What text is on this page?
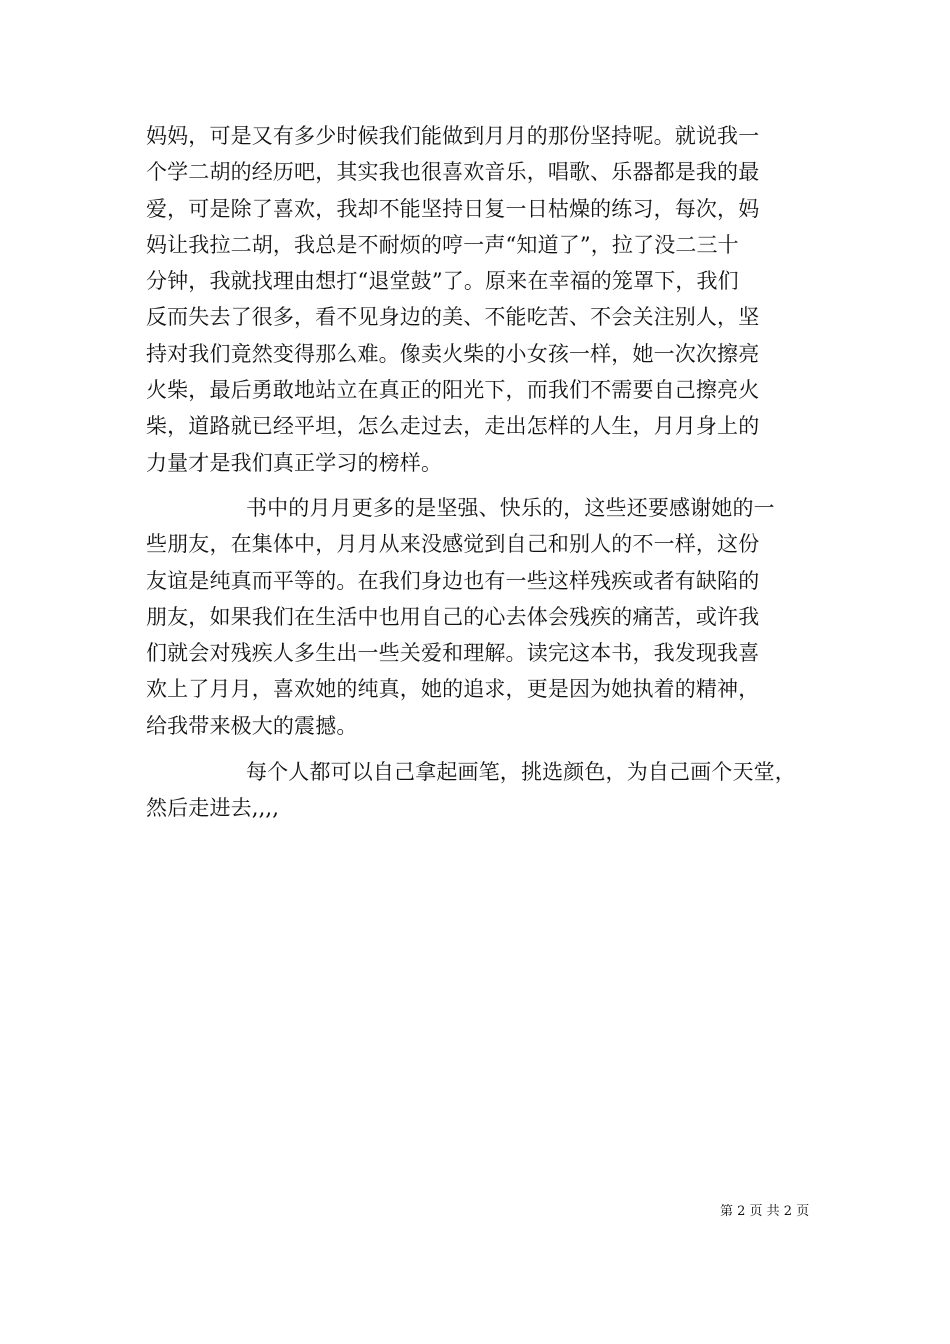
妈妈，可是又有多少时候我们能做到月月的那份坚持呢。就说我一
个学二胡的经历吧，其实我也很喜欢音乐，唱歌、乐器都是我的最
爱，可是除了喜欢，我却不能坚持日复一日枯燥的练习，每次，妈
妈让我拉二胡，我总是不耐烦的哼一声“知道了”，拉了没二三十
分钟，我就找理由想打“退堂鼓”了。原来在幸福的笼罩下，我们
反而失去了很多，看不见身边的美、不能吃苦、不会关注别人，坚
持对我们竟然变得那么难。像卖火柴的小女孩一样，她一次次擦亮
火柴，最后勇敢地站立在真正的阳光下，而我们不需要自己擦亮火
柴，道路就已经平坦，怎么走过去，走出怎样的人生，月月身上的
力量才是我们真正学习的榜样。
书中的月月更多的是坚强、快乐的，这些还要感谢她的一
些朋友，在集体中，月月从来没感觉到自己和别人的不一样，这份
友谊是纯真而平等的。在我们身边也有一些这样残疾或者有缺陷的
朋友，如果我们在生活中也用自己的心去体会残疾的痛苦，或许我
们就会对残疾人多生出一些关爱和理解。读完这本书，我发现我喜
欢上了月月，喜欢她的纯真，她的追求，更是因为她执着的精神，
给我带来极大的震撼。
每个人都可以自己拿起画笔，挑选颜色，为自己画个天堂，
然后走进去,,,,
第 2 页 共 2 页
